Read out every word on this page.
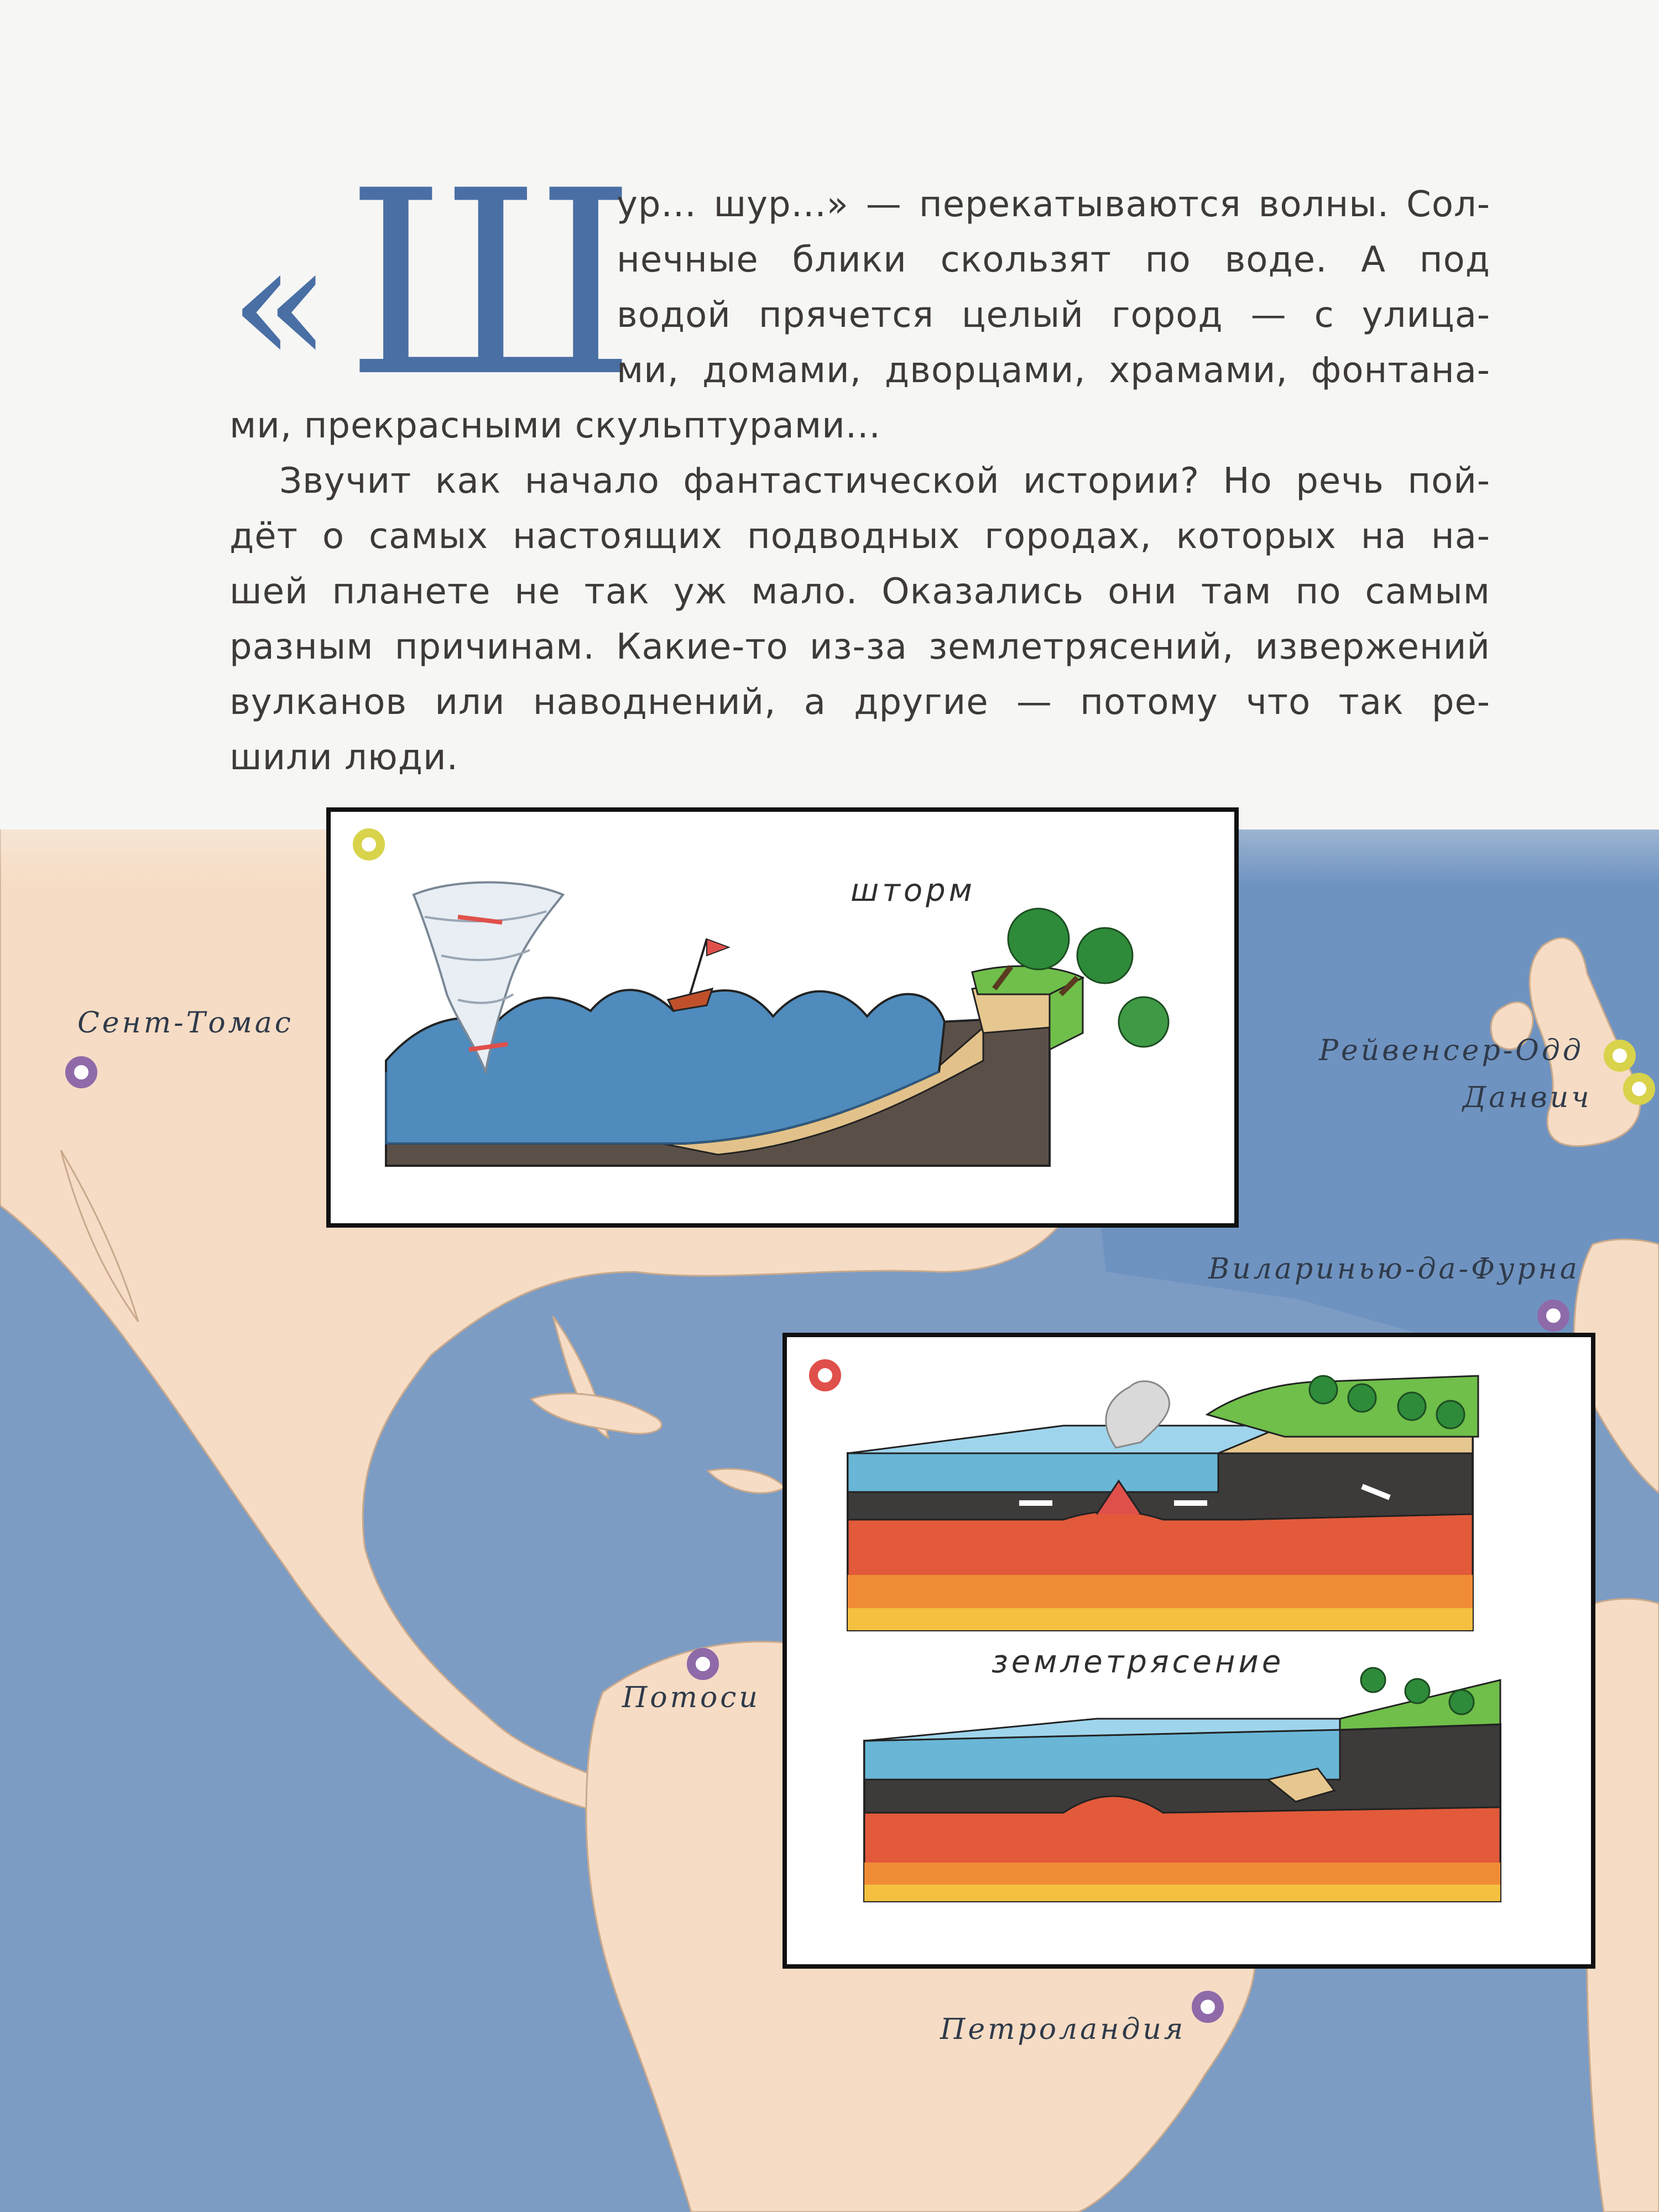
« Ш
ур... шур...» — перекатываются волны. Сол-
нечные блики скользят по воде. А под
водой прячется целый город — с улица-
ми, домами, дворцами, храмами, фонтана-
ми, прекрасными скульптурами...
Звучит как начало фантастической истории? Но речь пой-
дёт о самых настоящих подводных городах, которых на на-
шей планете не так уж мало. Оказались они там по самым
разным причинам. Какие-то из-за землетрясений, извержений
вулканов или наводнений, а другие — потому что так ре-
шили люди.
шторм
землетрясение
Сент-Томас
Рейвенсер-Одд
Данвич
Виларинью-да-Фурна
Потоси
Петроландия
